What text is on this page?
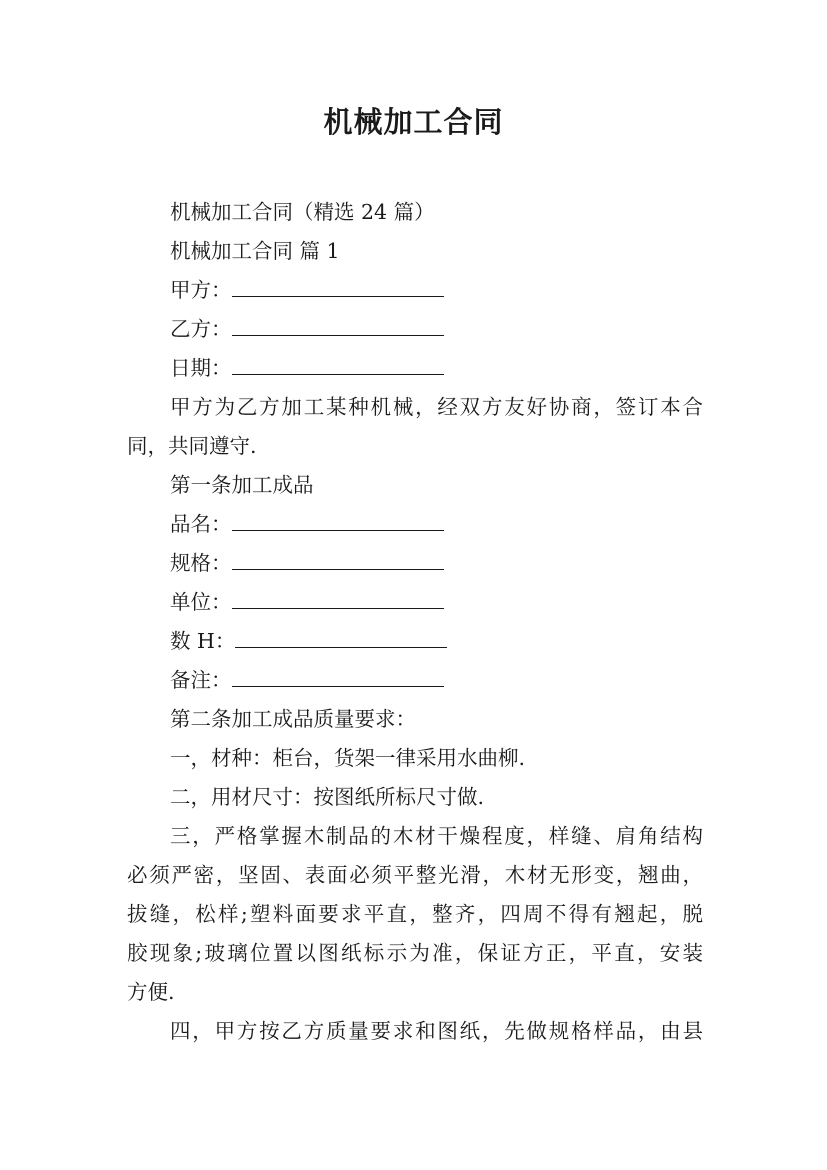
机械加工合同
机械加工合同（精选 24 篇）
机械加工合同 篇 1
甲方：
乙方：
日期：
甲方为乙方加工某种机械，经双方友好协商，签订本合
同，共同遵守.
第一条加工成品
品名：
规格：
单位：
数 H：
备注：
第二条加工成品质量要求：
一，材种：柜台，货架一律采用水曲柳.
二，用材尺寸：按图纸所标尺寸做.
三，严格掌握木制品的木材干燥程度，样缝、肩角结构
必须严密，坚固、表面必须平整光滑，木材无形变，翘曲，
拔缝，松样;塑料面要求平直，整齐，四周不得有翘起，脱
胶现象;玻璃位置以图纸标示为准，保证方正，平直，安装
方便.
四，甲方按乙方质量要求和图纸，先做规格样品，由县
